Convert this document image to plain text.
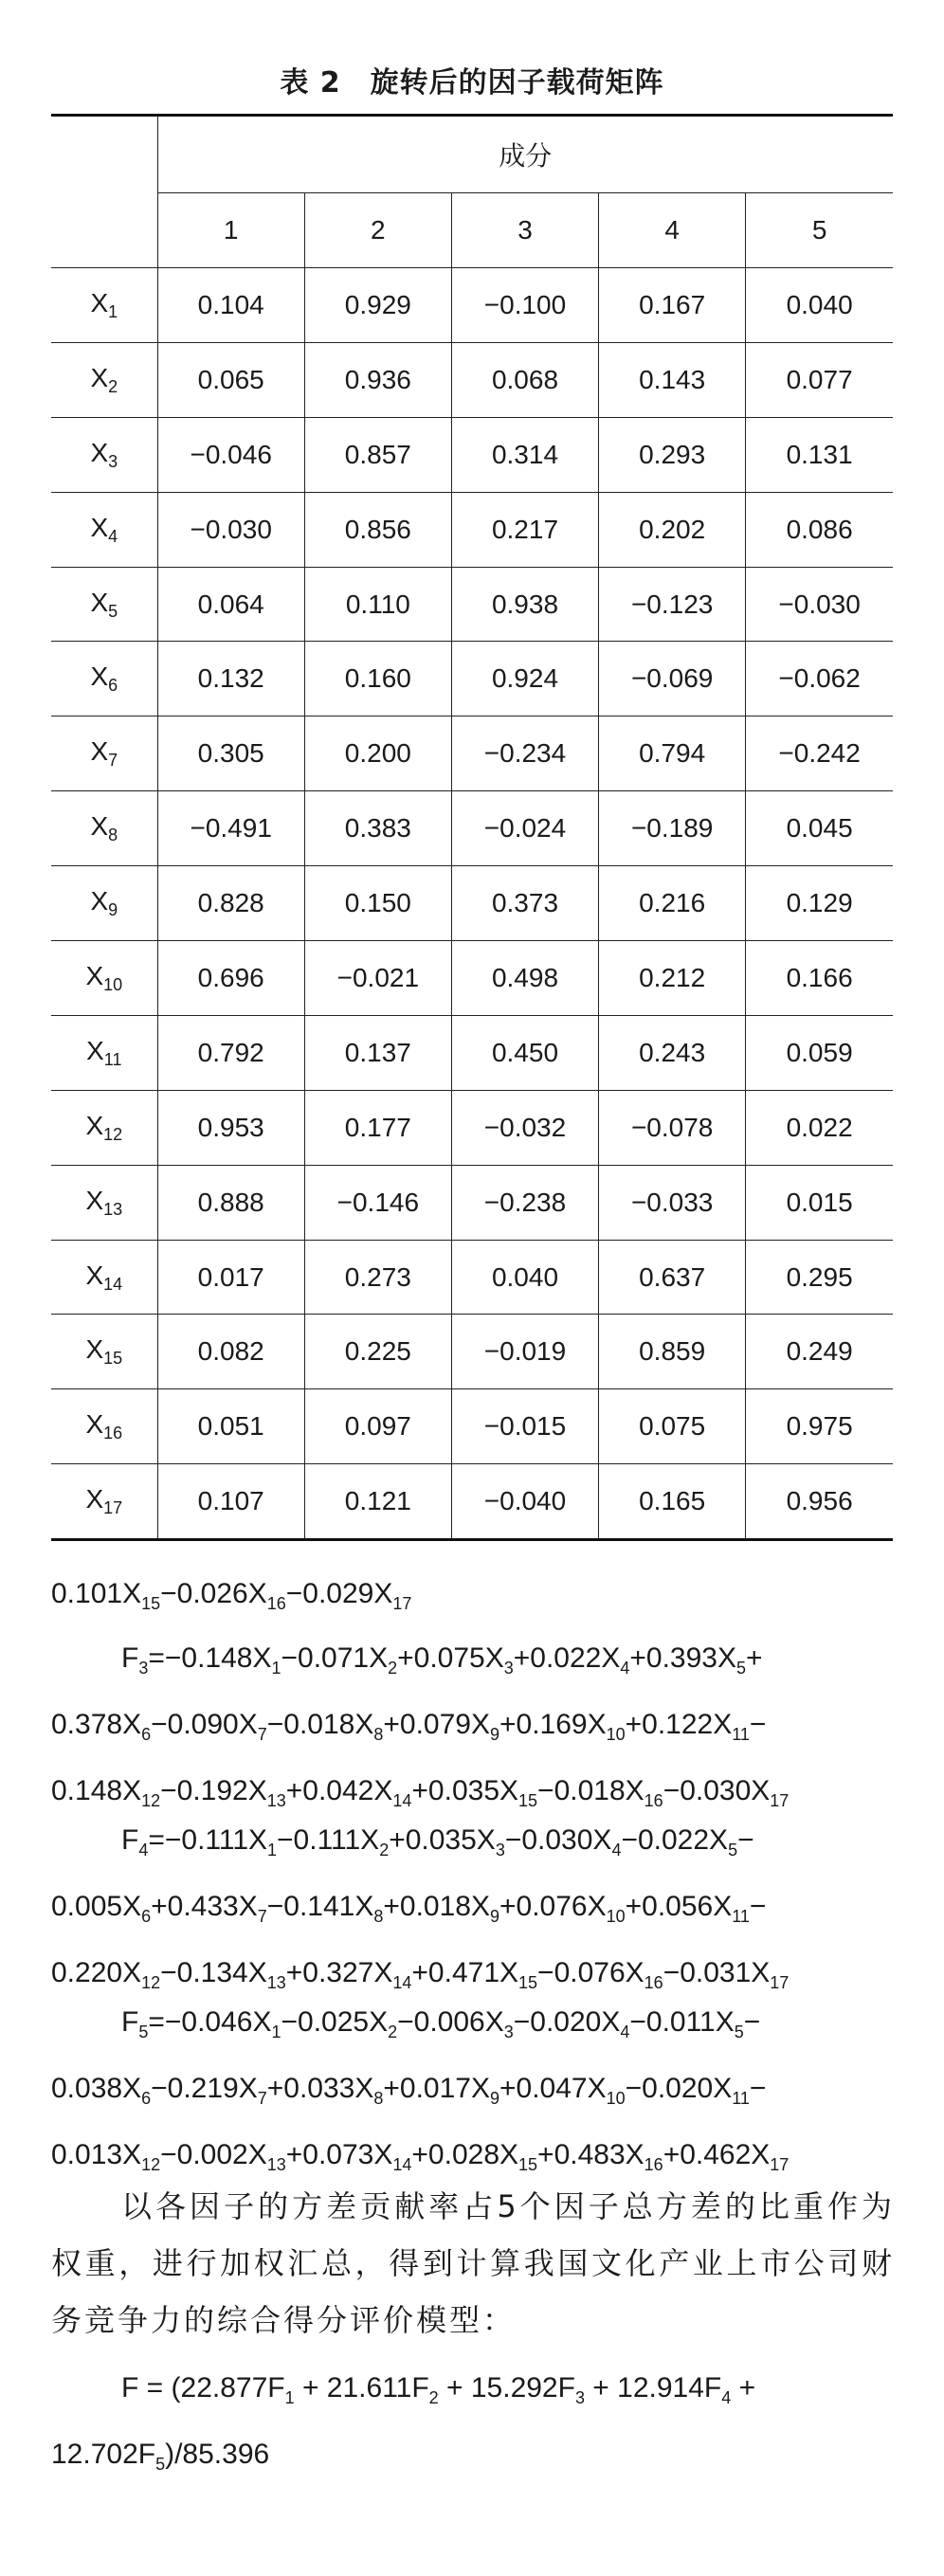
表 2　旋转后的因子载荷矩阵
	成分				
	1	2	3	4	5
$X_1$	0.104	0.929	−0.100	0.167	0.040
$X_2$	0.065	0.936	0.068	0.143	0.077
$X_3$	−0.046	0.857	0.314	0.293	0.131
$X_4$	−0.030	0.856	0.217	0.202	0.086
$X_5$	0.064	0.110	0.938	−0.123	−0.030
$X_6$	0.132	0.160	0.924	−0.069	−0.062
$X_7$	0.305	0.200	−0.234	0.794	−0.242
$X_8$	−0.491	0.383	−0.024	−0.189	0.045
$X_9$	0.828	0.150	0.373	0.216	0.129
$X_{10}$	0.696	−0.021	0.498	0.212	0.166
$X_{11}$	0.792	0.137	0.450	0.243	0.059
$X_{12}$	0.953	0.177	−0.032	−0.078	0.022
$X_{13}$	0.888	−0.146	−0.238	−0.033	0.015
$X_{14}$	0.017	0.273	0.040	0.637	0.295
$X_{15}$	0.082	0.225	−0.019	0.859	0.249
$X_{16}$	0.051	0.097	−0.015	0.075	0.975
$X_{17}$	0.107	0.121	−0.040	0.165	0.956
$0.101X_{15}-0.026X_{16}-0.029X_{17}$
$F_3=-0.148X_1-0.071X_2+0.075X_3+0.022X_4+0.393X_5+$
$0.378X_6-0.090X_7-0.018X_8+0.079X_9+0.169X_{10}+0.122X_{11}-$
$0.148X_{12}-0.192X_{13}+0.042X_{14}+0.035X_{15}-0.018X_{16}-0.030X_{17}$
$F_4=-0.111X_1-0.111X_2+0.035X_3-0.030X_4-0.022X_5-$
$0.005X_6+0.433X_7-0.141X_8+0.018X_9+0.076X_{10}+0.056X_{11}-$
$0.220X_{12}-0.134X_{13}+0.327X_{14}+0.471X_{15}-0.076X_{16}-0.031X_{17}$
$F_5=-0.046X_1-0.025X_2-0.006X_3-0.020X_4-0.011X_5-$
$0.038X_6-0.219X_7+0.033X_8+0.017X_9+0.047X_{10}-0.020X_{11}-$
$0.013X_{12}-0.002X_{13}+0.073X_{14}+0.028X_{15}+0.483X_{16}+0.462X_{17}$
以各因子的方差贡献率占5个因子总方差的比重作为权重，进行加权汇总，得到计算我国文化产业上市公司财务竞争力的综合得分评价模型：
$F = (22.877F_1 + 21.611F_2 + 15.292F_3 + 12.914F_4$ +
$12.702F_5)/85.396$
